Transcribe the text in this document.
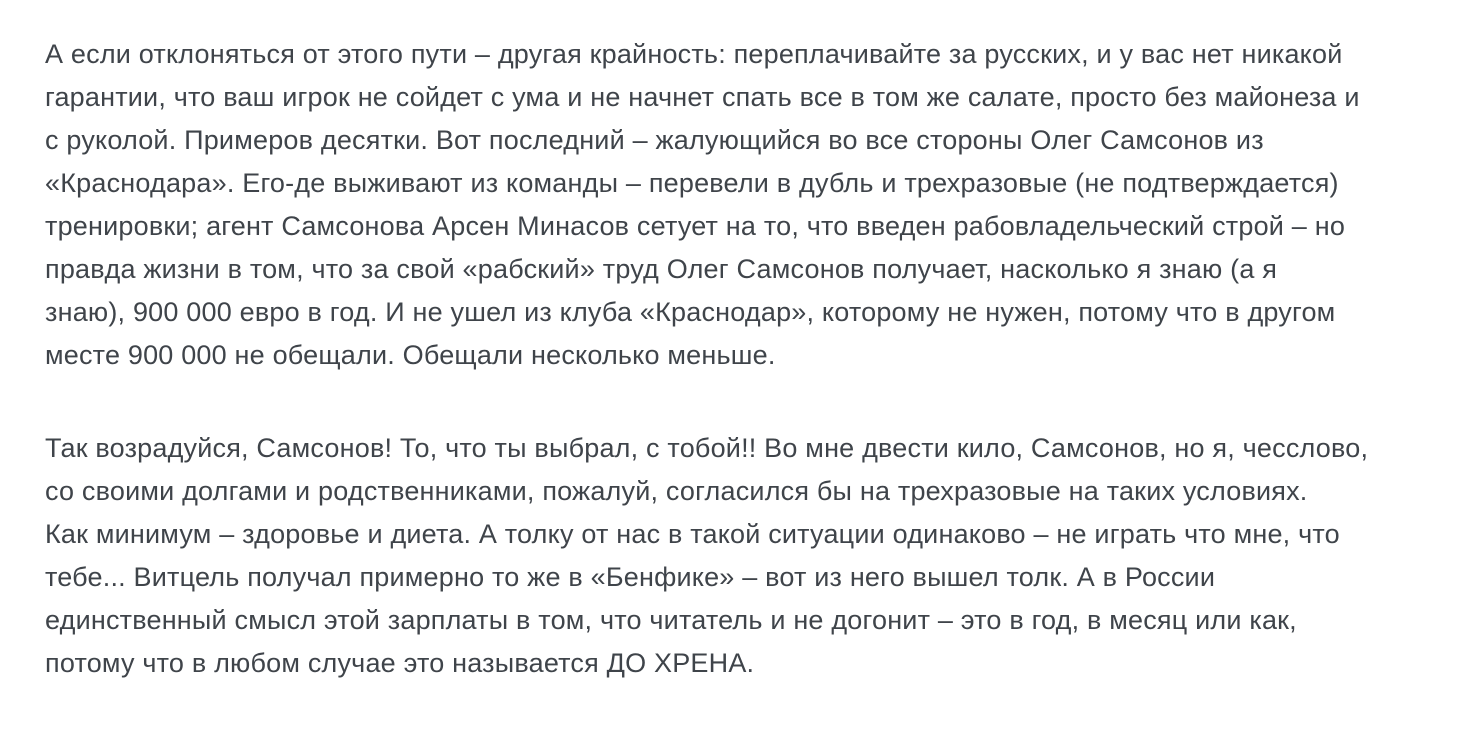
А если отклоняться от этого пути – другая крайность: переплачивайте за русских, и у вас нет никакой
гарантии, что ваш игрок не сойдет с ума и не начнет спать все в том же салате, просто без майонеза и
с руколой. Примеров десятки. Вот последний – жалующийся во все стороны Олег Самсонов из
«Краснодара». Его-де выживают из команды – перевели в дубль и трехразовые (не подтверждается)
тренировки; агент Самсонова Арсен Минасов сетует на то, что введен рабовладельческий строй – но
правда жизни в том, что за свой «рабский» труд Олег Самсонов получает, насколько я знаю (а я
знаю), 900 000 евро в год. И не ушел из клуба «Краснодар», которому не нужен, потому что в другом
месте 900 000 не обещали. Обещали несколько меньше.

Так возрадуйся, Самсонов! То, что ты выбрал, с тобой!! Во мне двести кило, Самсонов, но я, чесслово,
со своими долгами и родственниками, пожалуй, согласился бы на трехразовые на таких условиях.
Как минимум – здоровье и диета. А толку от нас в такой ситуации одинаково – не играть что мне, что
тебе... Витцель получал примерно то же в «Бенфике» – вот из него вышел толк. А в России
единственный смысл этой зарплаты в том, что читатель и не догонит – это в год, в месяц или как,
потому что в любом случае это называется ДО ХРЕНА.
